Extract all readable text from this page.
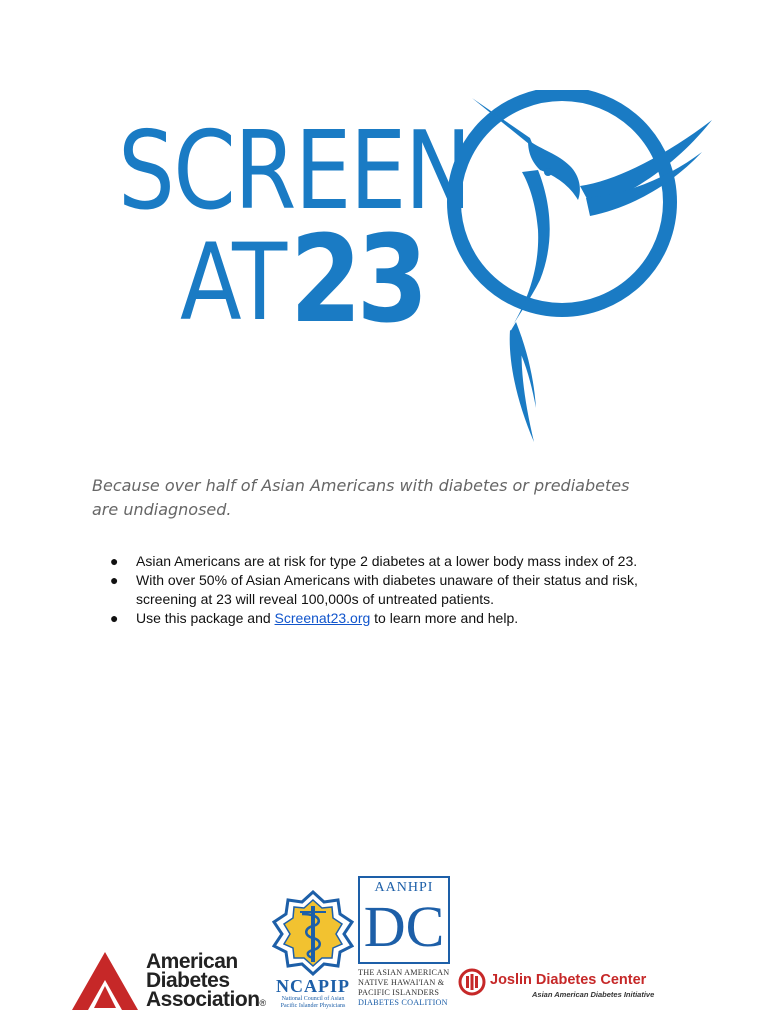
SCREEN
AT 23
Because over half of Asian Americans with diabetes or prediabetes are undiagnosed.
● Asian Americans are at risk for type 2 diabetes at a lower body mass index of 23.
● With over 50% of Asian Americans with diabetes unaware of their status and risk, screening at 23 will reveal 100,000s of untreated patients.
● Use this package and Screenat23.org to learn more and help.
American
Diabetes
Association®
NCAPIP
National Council of Asian
Pacific Islander Physicians
AANHPI
DC
THE ASIAN AMERICAN
NATIVE HAWAI'IAN &
PACIFIC ISLANDERS
DIABETES COALITION
Joslin Diabetes Center
Asian American Diabetes Initiative
